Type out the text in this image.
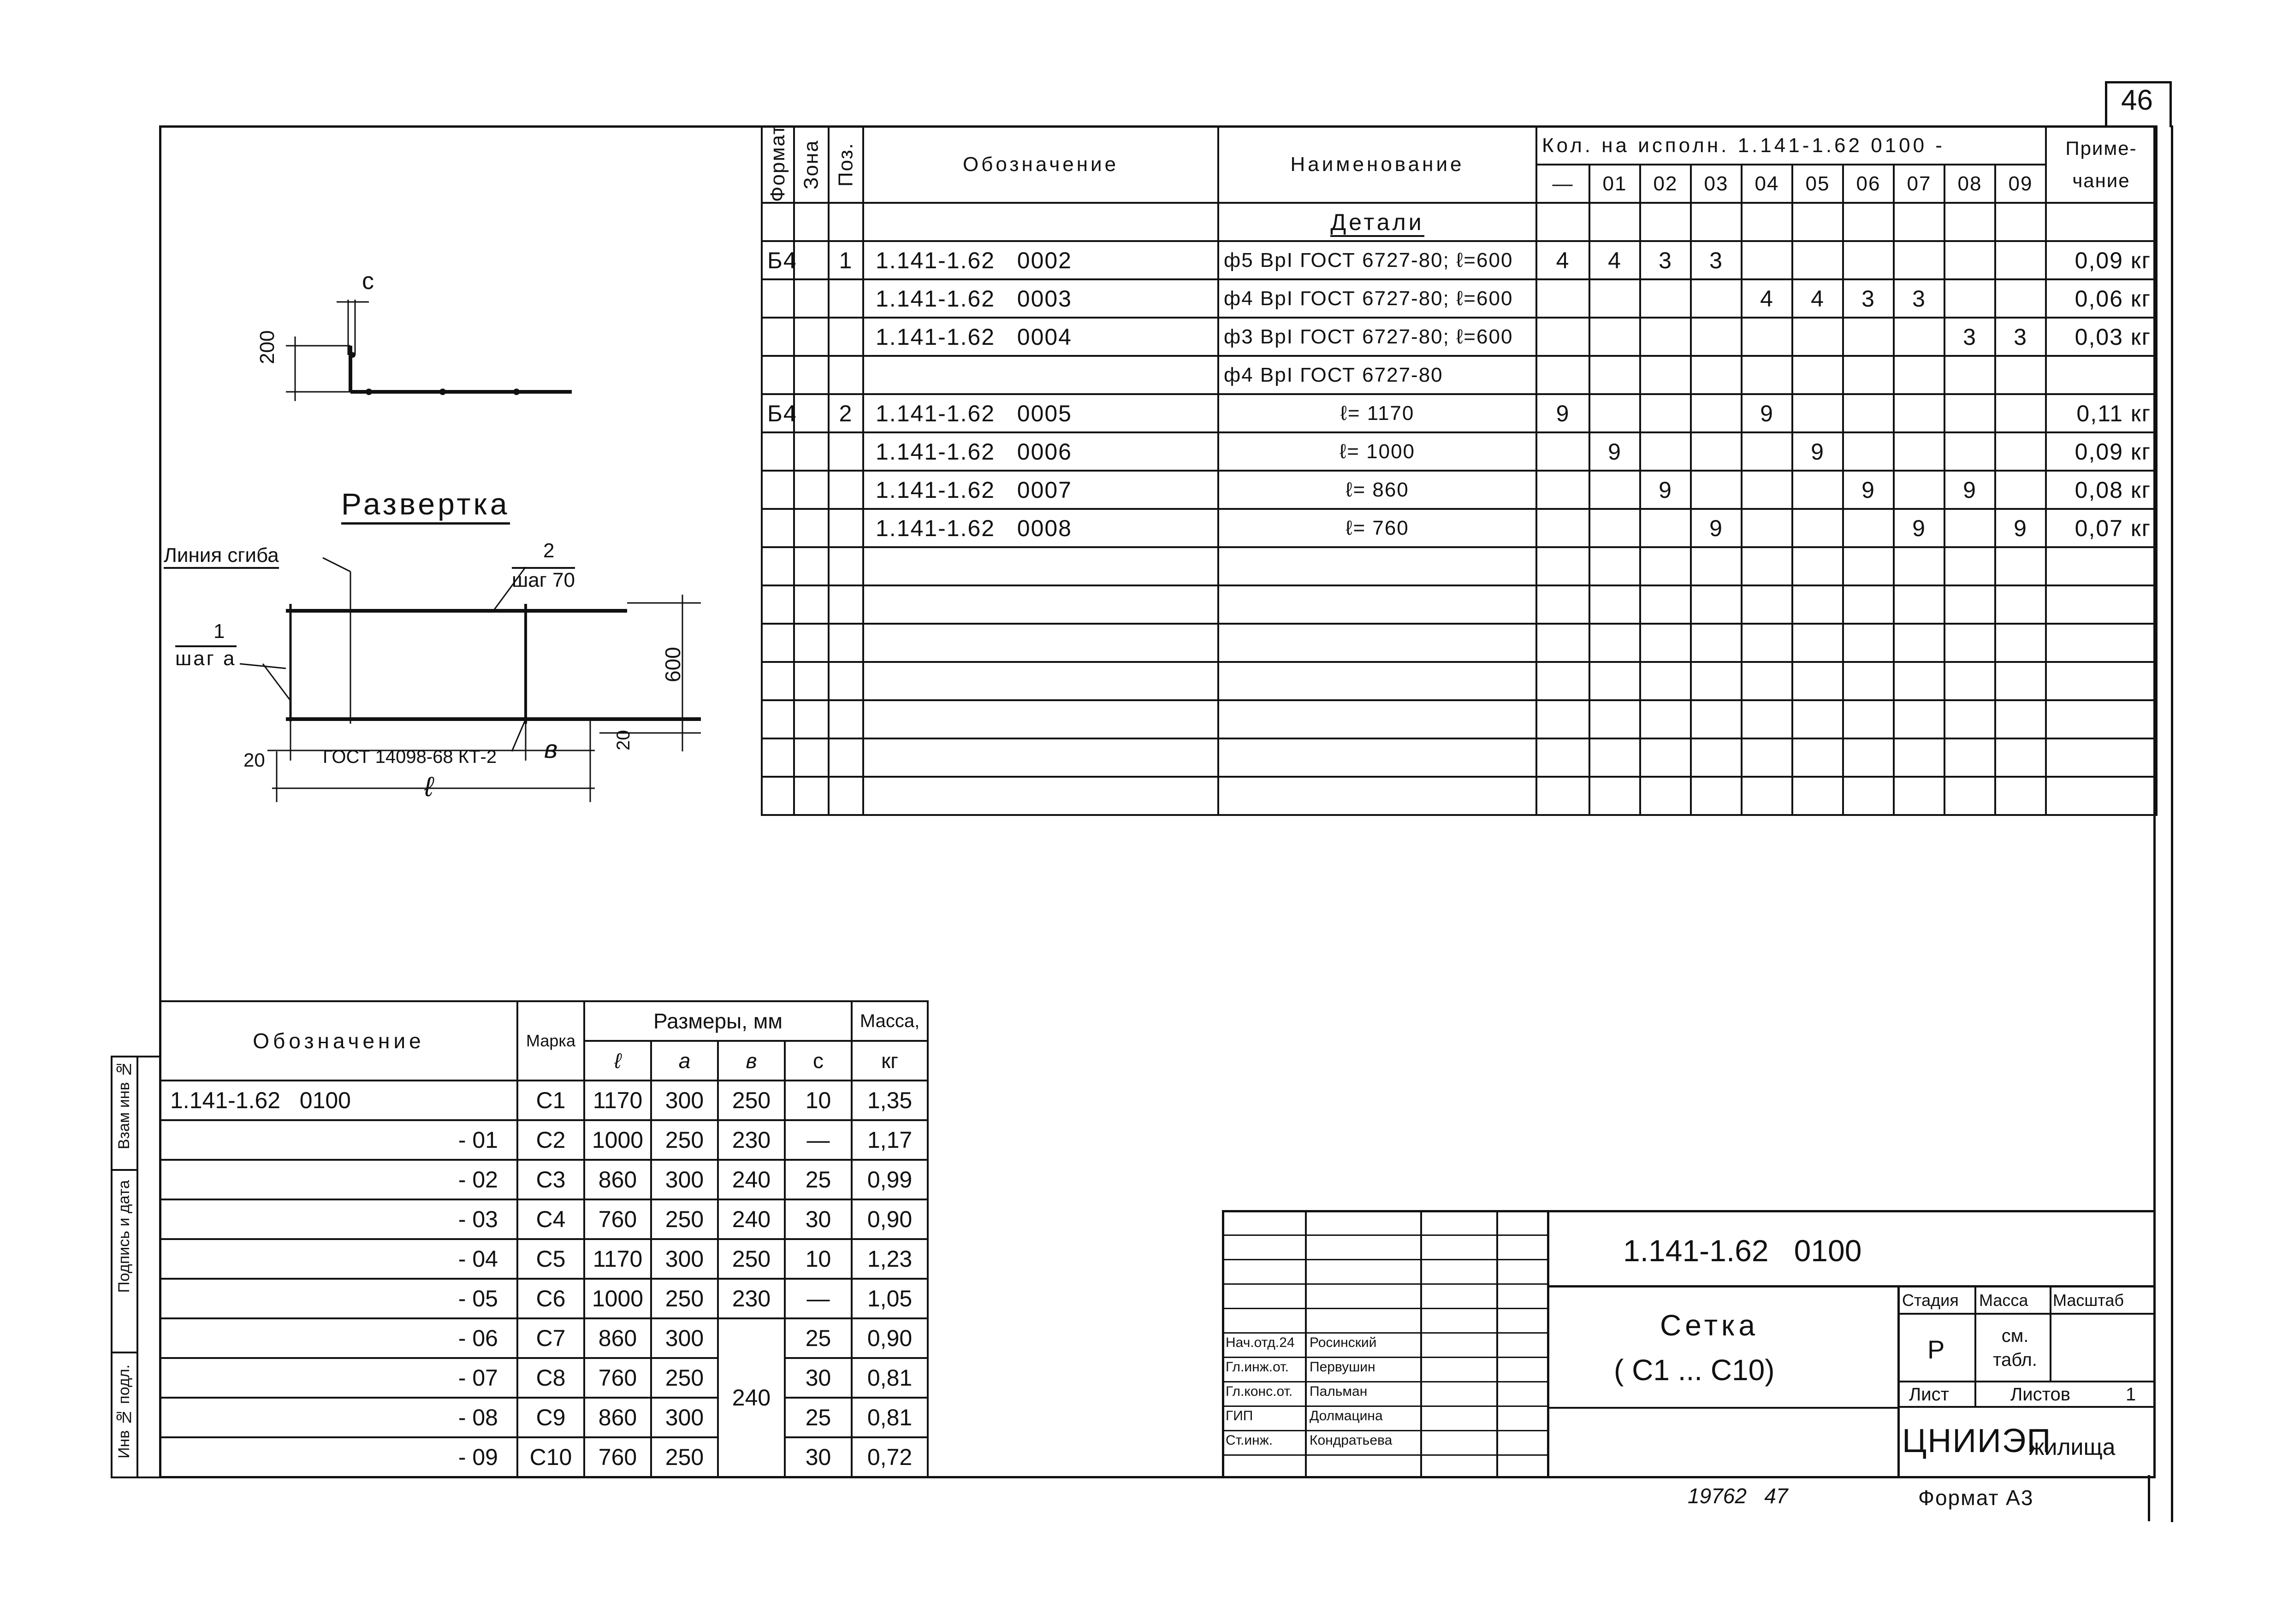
46
c
200
Развертка
Линия сгиба	2
шаг 70
1
шаг a	600
20
20	ГОСТ 14098-68 КТ-2 в
ℓ
Формат	Зона	Поз.	Обозначение	Наименование	Кол. на исполн. 1.141-1.62 0100 -										Приме-чание
					—	01	02	03	04	05	06	07	08	09	
				Детали											
Б4		1	1.141-1.62   0002	ф5 BpI ГОСТ 6727-80; ℓ=600	4	4	3	3							0,09 кг
			1.141-1.62   0003	ф4 BpI ГОСТ 6727-80; ℓ=600					4	4	3	3			0,06 кг
			1.141-1.62   0004	ф3 BpI ГОСТ 6727-80; ℓ=600									3	3	0,03 кг
				ф4 BpI ГОСТ 6727-80											
Б4		2	1.141-1.62   0005	ℓ= 1170	9				9						0,11 кг
			1.141-1.62   0006	ℓ= 1000		9				9					0,09 кг
			1.141-1.62   0007	ℓ= 860			9				9		9		0,08 кг
			1.141-1.62   0008	ℓ= 760				9				9		9	0,07 кг

Взам инв №
Подпись и дата
Инв № подл.
Обозначение	Марка	Размеры, мм				Масса,
		ℓ	a	в	c	кг
1.141-1.62   0100	С1	1170	300	250	10	1,35
- 01	С2	1000	250	230	—	1,17
- 02	С3	860	300	240	25	0,99
- 03	С4	760	250	240	30	0,90
- 04	С5	1170	300	250	10	1,23
- 05	С6	1000	250	230	—	1,05
- 06	С7	860	300	240	25	0,90
- 07	С8	760	250		30	0,81
- 08	С9	860	300		25	0,81
- 09	С10	760	250		30	0,72
Нач.отд.24 Росинский
Гл.инж.от. Первушин
Гл.конс.от. Пальман
ГИП	Долмацина
Ст.инж.	Кондратьева
1.141-1.62   0100
Сетка
( С1 ... С10)
Стадия Масса Масштаб
Р	см. табл.
Лист	Листов	1
ЦНИИЭП
жилища
19762   47	Формат А3
